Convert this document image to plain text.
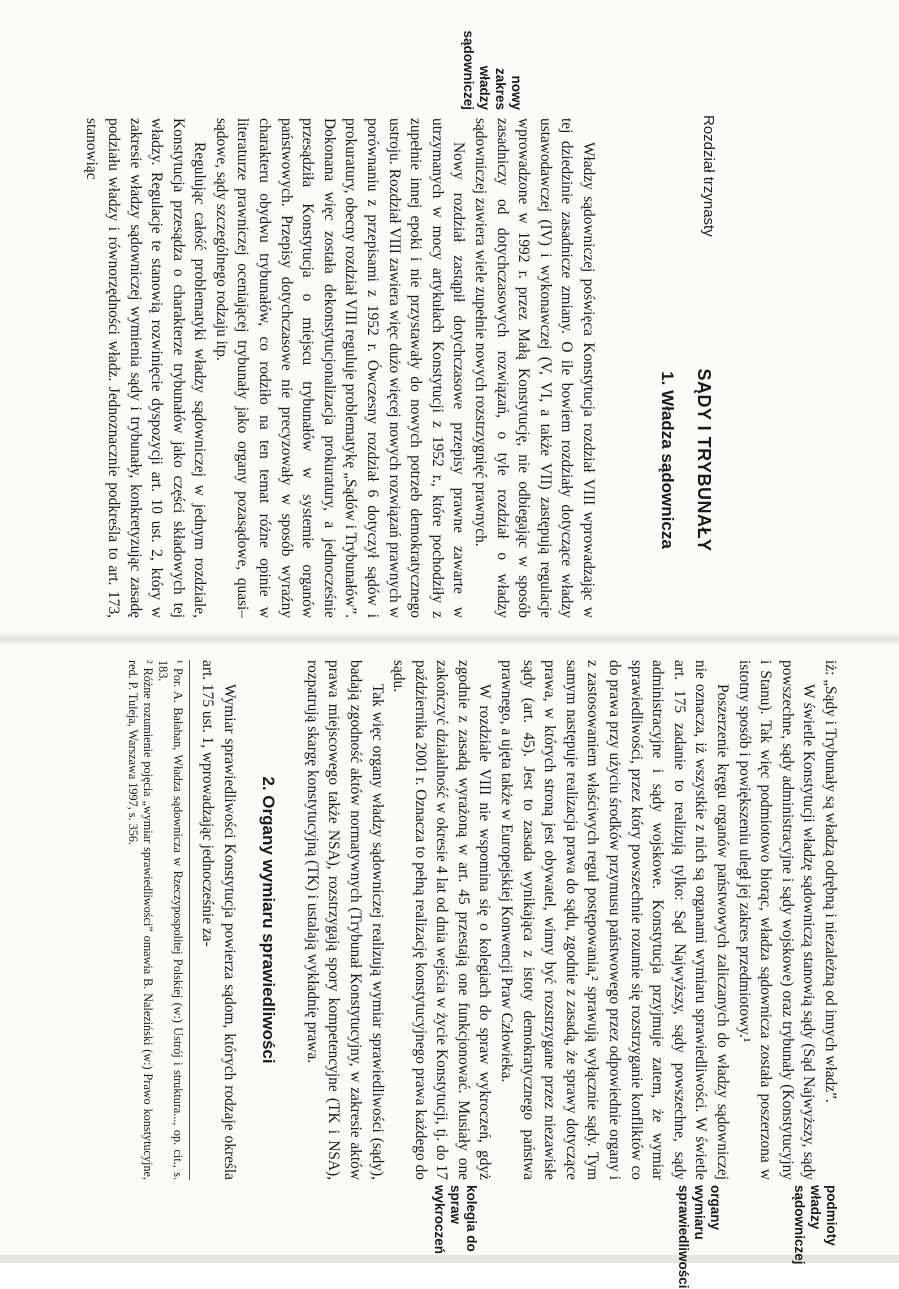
Rozdział trzynasty
SĄDY I TRYBUNAŁY
1. Władza sądownicza
nowy zakres władzy sądowniczej

Władzy sądowniczej poświęca Konstytucja rozdział VIII wprowadzając w tej dziedzinie zasadnicze zmiany. O ile bowiem rozdziały dotyczące władzy ustawodawczej (IV) i wykonawczej (V, VI, a także VII) zastępują regulacje wprowadzone w 1992 r. przez Małą Konstytucję, nie odbiegając w sposób zasadniczy od dotychczasowych rozwiązań, o tyle rozdział o władzy sądowniczej zawiera wiele zupełnie nowych rozstrzygnięć prawnych.

Nowy rozdział zastąpił dotychczasowe przepisy prawne zawarte w utrzymanych w mocy artykułach Konstytucji z 1952 r., które pochodziły z zupełnie innej epoki i nie przystawały do nowych potrzeb demokratycznego ustroju. Rozdział VIII zawiera więc dużo więcej nowych rozwiązań prawnych w porównaniu z przepisami z 1952 r. Ówczesny rozdział 6 dotyczył sądów i prokuratury, obecny rozdział VIII reguluje problematykę „Sądów i Trybunałów”. Dokonana więc została dekonstytucjonalizacja prokuratury, a jednocześnie przesądziła Konstytucja o miejscu trybunałów w systemie organów państwowych. Przepisy dotychczasowe nie precyzowały w sposób wyraźny charakteru obydwu trybunałów, co rodziło na ten temat różne opinie w literaturze prawniczej oceniającej trybunały jako organy pozasądowe, quasi–sądowe, sądy szczególnego rodzaju itp.

Regulując całość problematyki władzy sądowniczej w jednym rozdziale, Konstytucja przesądza o charakterze trybunałów jako części składowych tej władzy. Regulacje te stanowią rozwinięcie dyspozycji art. 10 ust. 2, który w zakresie władzy sądowniczej wymienia sądy i trybunały, konkretyzując zasadę podziału władzy i równorzędności władz. Jednoznacznie podkreśla to art. 173, stanowiąc

iż: „Sądy i Trybunały są władzą odrębną i niezależną od innych władz”.

W świetle Konstytucji władzę sądowniczą stanowią sądy (Sąd Najwyższy, sądy powszechne, sądy administracyjne i sądy wojskowe) oraz trybunały (Konstytucyjny i Stanu). Tak więc podmiotowo biorąc, władza sądownicza została poszerzona w istotny sposób i powiększeniu uległ jej zakres przedmiotowy.¹

Poszerzenie kręgu organów państwowych zaliczanych do władzy sądowniczej nie oznacza, iż wszystkie z nich są organami wymiaru sprawiedliwości. W świetle art. 175 zadanie to realizują tylko: Sąd Najwyższy, sądy powszechne, sądy administracyjne i sądy wojskowe. Konstytucja przyjmuje zatem, że wymiar sprawiedliwości, przez który powszechnie rozumie się rozstrzyganie konfliktów co do prawa przy użyciu środków przymusu państwowego przez odpowiednie organy i z zastosowaniem właściwych reguł postępowania,² sprawują wyłącznie sądy. Tym samym następuje realizacja prawa do sądu, zgodnie z zasadą, że sprawy dotyczące prawa, w których stroną jest obywatel, winny być rozstrzygane przez niezawisłe sądy (art. 45). Jest to zasada wynikająca z istoty demokratycznego państwa prawnego, a ujęta także w Europejskiej Konwencji Praw Człowieka.

W rozdziale VIII nie wspomina się o kolegiach do spraw wykroczeń, gdyż zgodnie z zasadą wyrażoną w art. 45 przestają one funkcjonować. Musiały one zakończyć działalność w okresie 4 lat od dnia wejścia w życie Konstytucji, tj. do 17 października 2001 r. Oznacza to pełną realizację konstytucyjnego prawa każdego do sądu.

Tak więc organy władzy sądowniczej realizują wymiar sprawiedliwości (sądy), badają zgodność aktów normatywnych (Trybunał Konstytucyjny, w zakresie aktów prawa miejscowego także NSA), rozstrzygają spory kompetencyjne (TK i NSA), rozpatrują skargę konstytucyjną (TK) i ustalają wykładnię prawa.

2. Organy wymiaru sprawiedliwości

Wymiar sprawiedliwości Konstytucja powierza sądom, których rodzaje określa art. 175 ust. 1, wprowadzając jednocześnie za-

¹ Por. A. Bałaban, Władza sądownicza w Rzeczypospolitej Polskiej (w:) Ustrój i struktura..., op. cit., s. 183.
² Różne rozumienie pojęcia „wymiar sprawiedliwości” omawia B. Naleziński (w:) Prawo konstytucyjne, red. P. Tuleja, Warszawa 1997, s. 356.
podmioty władzy sądowniczej
organy wymiaru sprawiedliwości
kolegia do spraw wykroczeń
